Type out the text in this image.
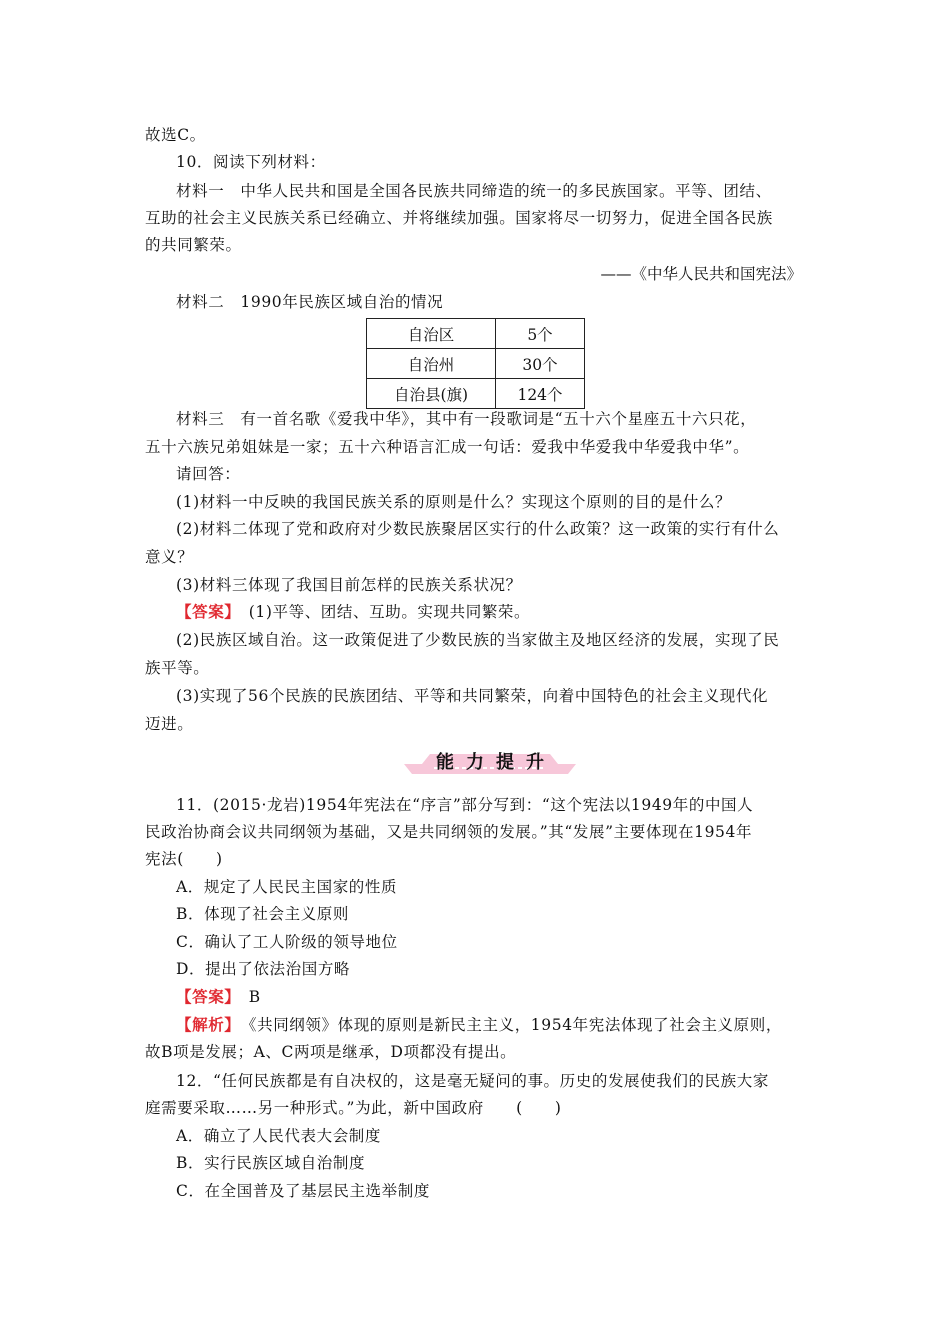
故选C。
10．阅读下列材料：
材料一　中华人民共和国是全国各民族共同缔造的统一的多民族国家。平等、团结、
互助的社会主义民族关系已经确立、并将继续加强。国家将尽一切努力，促进全国各民族
的共同繁荣。
——《中华人民共和国宪法》
材料二　1990年民族区域自治的情况
自治区	5个
自治州	30个
自治县(旗)	124个
材料三　有一首名歌《爱我中华》，其中有一段歌词是“五十六个星座五十六只花，
五十六族兄弟姐妹是一家；五十六种语言汇成一句话：爱我中华爱我中华爱我中华”。
请回答：
(1)材料一中反映的我国民族关系的原则是什么？实现这个原则的目的是什么？
(2)材料二体现了党和政府对少数民族聚居区实行的什么政策？这一政策的实行有什么
意义？
(3)材料三体现了我国目前怎样的民族关系状况？
【答案】　(1)平等、团结、互助。实现共同繁荣。
(2)民族区域自治。这一政策促进了少数民族的当家做主及地区经济的发展，实现了民
族平等。
(3)实现了56个民族的民族团结、平等和共同繁荣，向着中国特色的社会主义现代化
迈进。
能力提升
11．(2015·龙岩)1954年宪法在“序言”部分写到：“这个宪法以1949年的中国人
民政治协商会议共同纲领为基础，又是共同纲领的发展。”其“发展”主要体现在1954年
宪法(　　)
A．规定了人民民主国家的性质
B．体现了社会主义原则
C．确认了工人阶级的领导地位
D．提出了依法治国方略
【答案】　B
【解析】　《共同纲领》体现的原则是新民主主义，1954年宪法体现了社会主义原则，
故B项是发展；A、C两项是继承，D项都没有提出。
12．“任何民族都是有自决权的，这是毫无疑问的事。历史的发展使我们的民族大家
庭需要采取……另一种形式。”为此，新中国政府　　(　　)
A．确立了人民代表大会制度
B．实行民族区域自治制度
C．在全国普及了基层民主选举制度
